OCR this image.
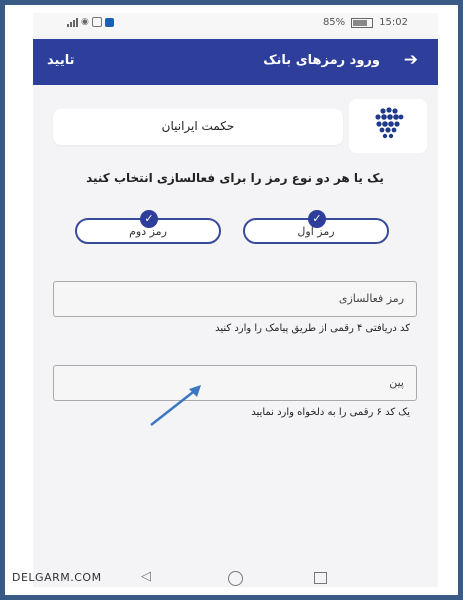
◉	85%	15:02
تایید	ورود رمزهای بانک ➔
حکمت ایرانیان
یک یا هر دو نوع رمز را برای فعالسازی انتخاب کنید
✓
رمز اول
✓
رمز دوم
رمز فعالسازی
کد دریافتی ۴ رقمی از طریق پیامک را وارد کنید
پین
یک کد ۶ رقمی را به دلخواه وارد نمایید
◁
DELGARM.COM
